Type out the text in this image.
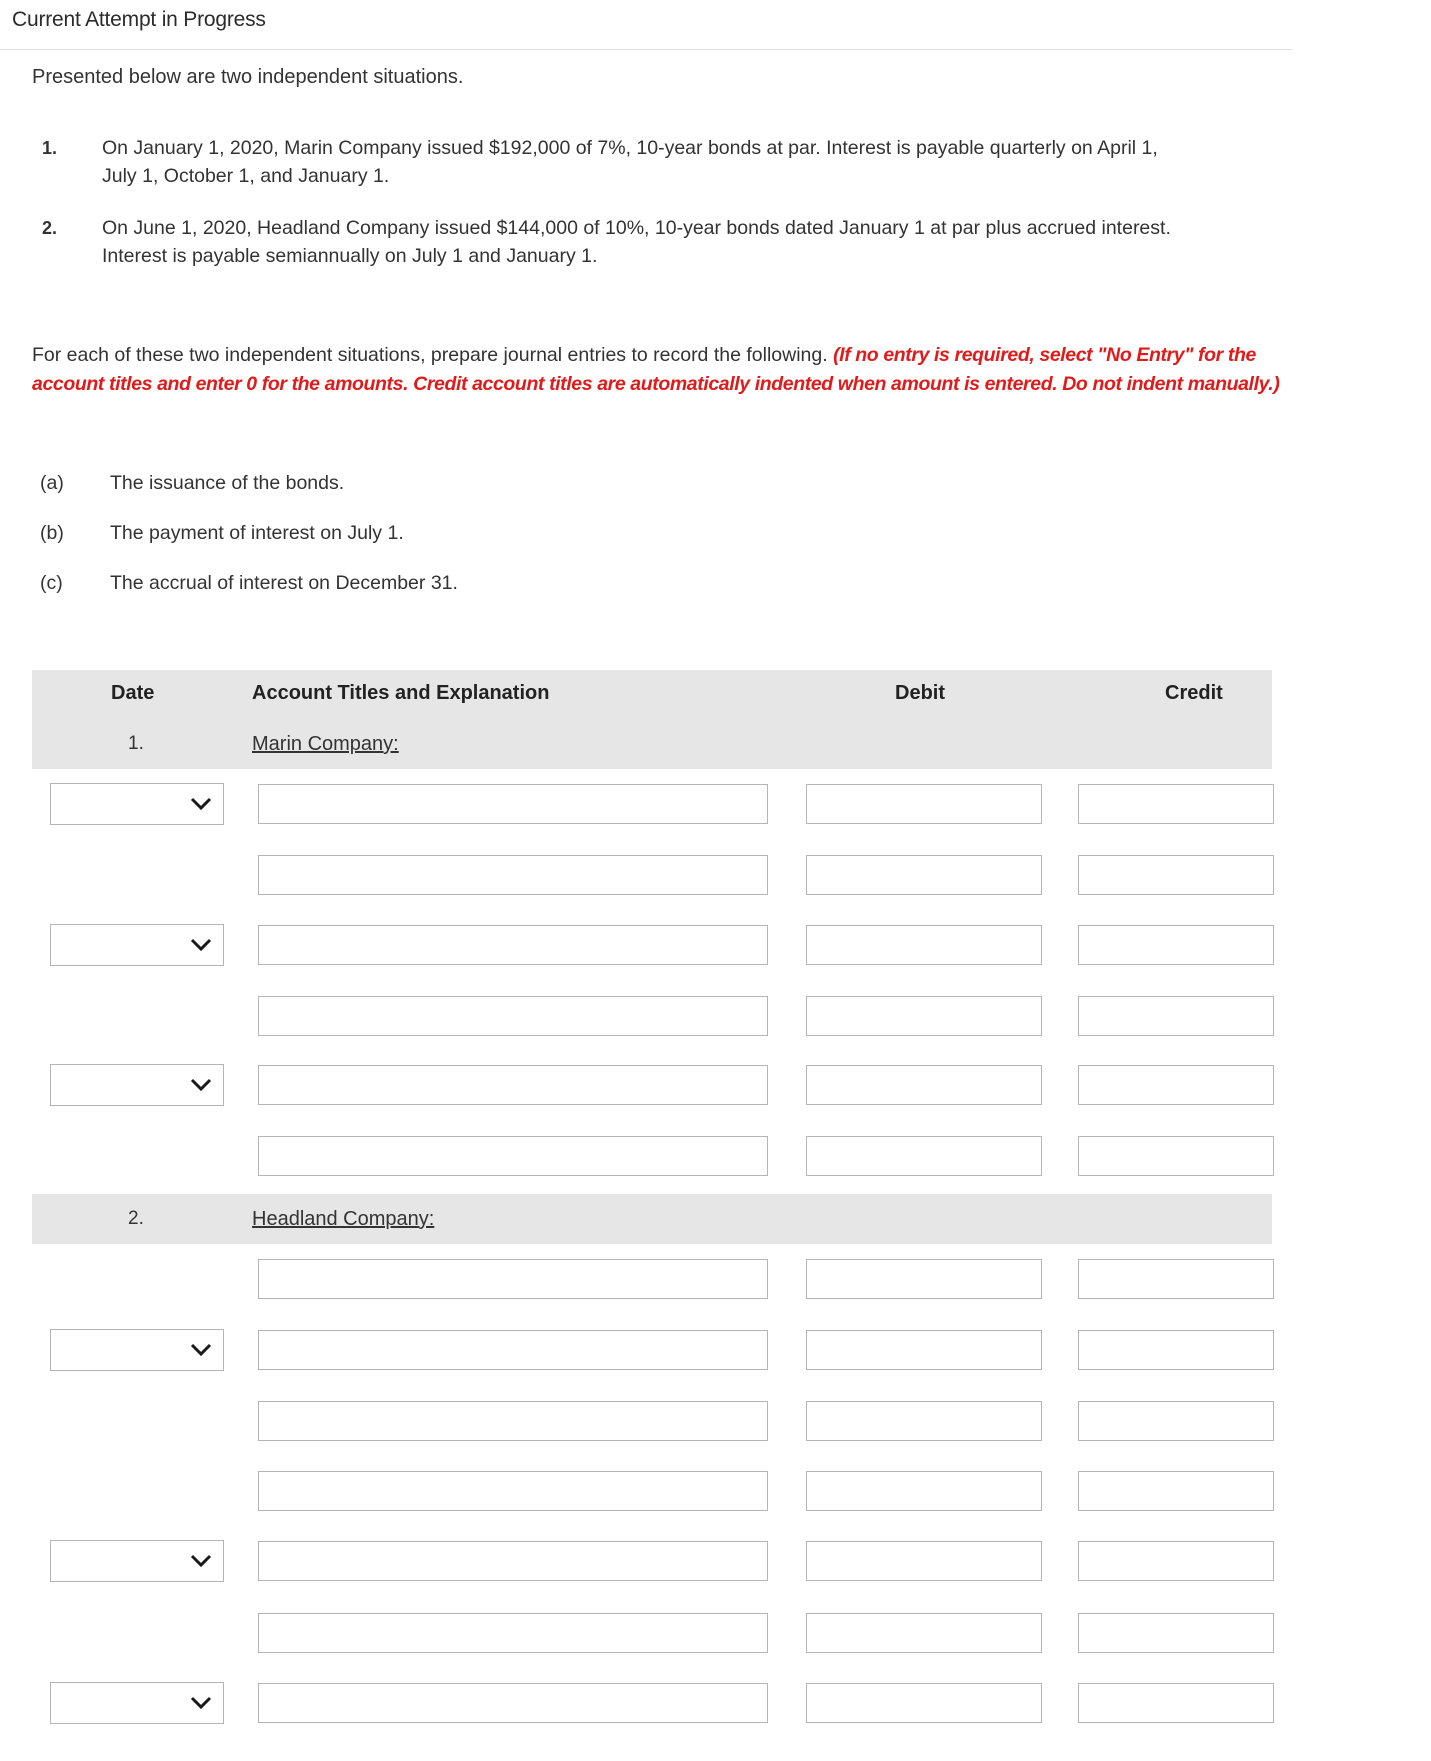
Current Attempt in Progress
Presented below are two independent situations.
1.	On January 1, 2020, Marin Company issued $192,000 of 7%, 10-year bonds at par. Interest is payable quarterly on April 1,
July 1, October 1, and January 1.
2.	On June 1, 2020, Headland Company issued $144,000 of 10%, 10-year bonds dated January 1 at par plus accrued interest.
Interest is payable semiannually on July 1 and January 1.
For each of these two independent situations, prepare journal entries to record the following. (If no entry is required, select "No Entry" for the account titles and enter 0 for the amounts. Credit account titles are automatically indented when amount is entered. Do not indent manually.)
(a)	The issuance of the bonds.
(b)	The payment of interest on July 1.
(c)	The accrual of interest on December 31.
Date	Account Titles and Explanation	Debit	Credit
1.	Marin Company:
2.	Headland Company:
